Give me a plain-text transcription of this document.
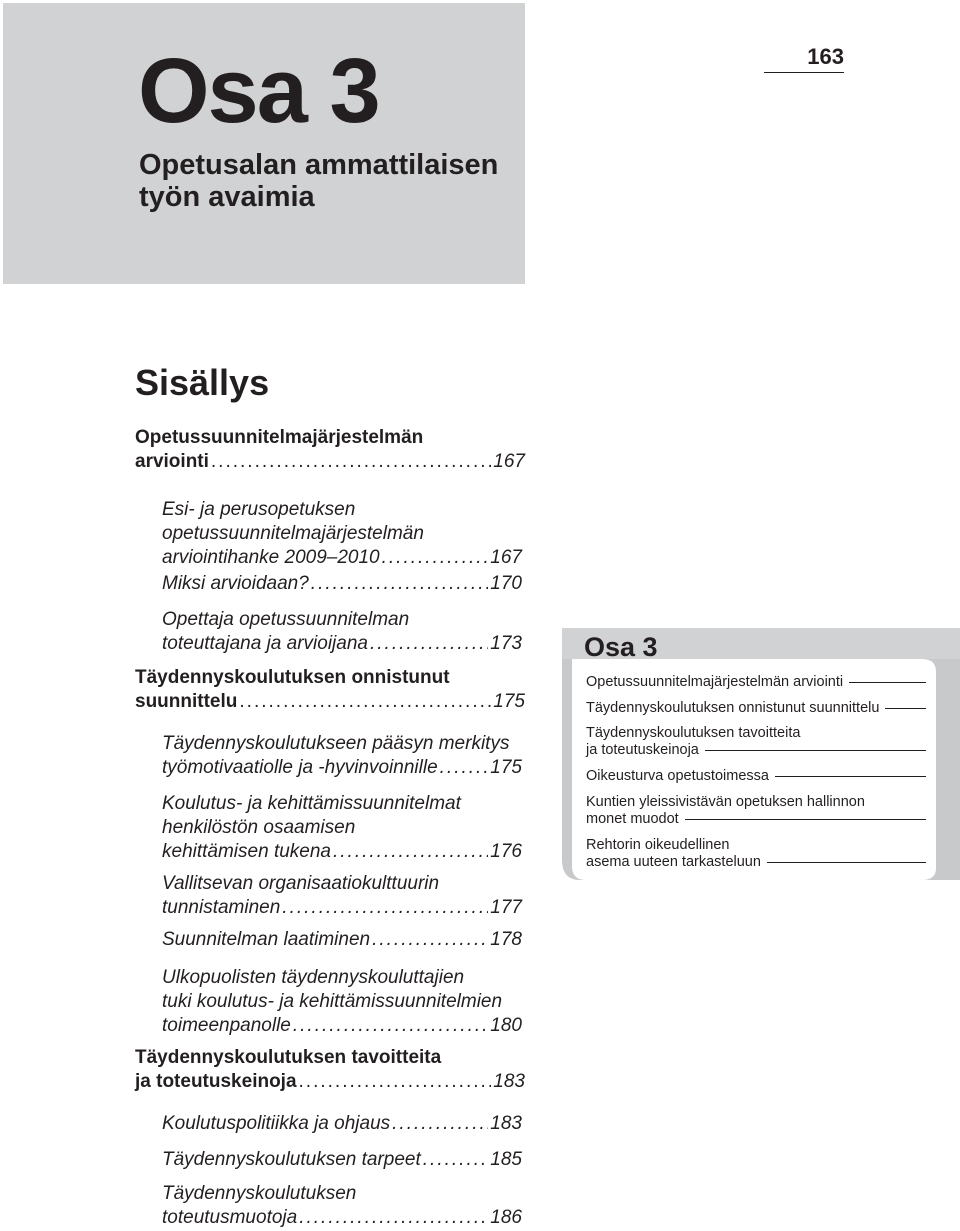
Osa 3
Opetusalan ammattilaisen työn avaimia
163
Sisällys
Opetussuunnitelmajärjestelmän
arviointi .....	167
Esi- ja perusopetuksen
opetussuunnitelmajärjestelmän
arviointihanke 2009–2010 .....	167
Miksi arvioidaan? .....	170
Opettaja opetussuunnitelman
toteuttajana ja arvioijana .....	173
Täydennyskoulutuksen onnistunut
suunnittelu .....	175
Täydennyskoulutukseen pääsyn merkitys
työmotivaatiolle ja -hyvinvoinnille .....	175
Koulutus- ja kehittämissuunnitelmat
henkilöstön osaamisen
kehittämisen tukena .....	176
Vallitsevan organisaatiokulttuurin
tunnistaminen .....	177
Suunnitelman laatiminen .....	178
Ulkopuolisten täydennyskouluttajien
tuki koulutus- ja kehittämissuunnitelmien
toimeenpanolle .....	180
Täydennyskoulutuksen tavoitteita
ja toteutuskeinoja .....	183
Koulutuspolitiikka ja ohjaus .....	183
Täydennyskoulutuksen tarpeet .....	185
Täydennyskoulutuksen
toteutusmuotoja .....	186
Osa 3
Opetussuunnitelmajärjestelmän arviointi
Täydennyskoulutuksen onnistunut suunnittelu
Täydennyskoulutuksen tavoitteita
ja toteutuskeinoja
Oikeusturva opetustoimessa
Kuntien yleissivistävän opetuksen hallinnon
monet muodot
Rehtorin oikeudellinen
asema uuteen tarkasteluun
